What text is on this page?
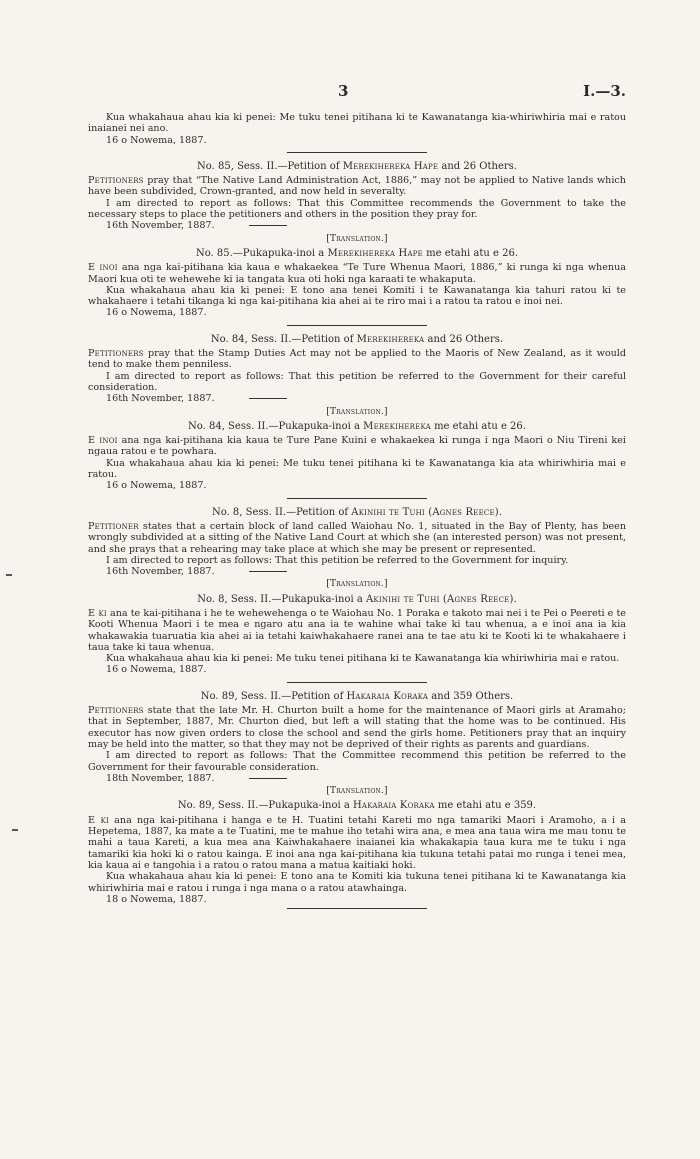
3	I.—3.

Kua whakahaua ahau kia ki penei: Me tuku tenei pitihana ki te Kawanatanga kia-whiriwhiria mai e ratou inaianei nei ano.

16 o Nowema, 1887.

No. 85, Sess. II.—Petition of Merekihereka Hape and 26 Others.

Petitioners pray that “The Native Land Administration Act, 1886,” may not be applied to Native lands which have been subdivided, Crown-granted, and now held in severalty.

I am directed to report as follows: That this Committee recommends the Government to take the necessary steps to place the petitioners and others in the position they pray for.

16th November, 1887.

[Translation.]

No. 85.—Pukapuka-inoi a Merekihereka Hape me etahi atu e 26.

E inoi ana nga kai-pitihana kia kaua e whakaekea “Te Ture Whenua Maori, 1886,” ki runga ki nga whenua Maori kua oti te wehewehe ki ia tangata kua oti hoki nga karaati te whakaputa.

Kua whakahaua ahau kia ki penei: E tono ana tenei Komiti i te Kawanatanga kia tahuri ratou ki te whakahaere i tetahi tikanga ki nga kai-pitihana kia ahei ai te riro mai i a ratou ta ratou e inoi nei.

16 o Nowema, 1887.

No. 84, Sess. II.—Petition of Merekihereka and 26 Others.

Petitioners pray that the Stamp Duties Act may not be applied to the Maoris of New Zealand, as it would tend to make them penniless.

I am directed to report as follows: That this petition be referred to the Government for their careful consideration.

16th November, 1887.

[Translation.]

No. 84, Sess. II.—Pukapuka-inoi a Merekihereka me etahi atu e 26.

E inoi ana nga kai-pitihana kia kaua te Ture Pane Kuini e whakaekea ki runga i nga Maori o Niu Tireni kei ngaua ratou e te powhara.

Kua whakahaua ahau kia ki penei: Me tuku tenei pitihana ki te Kawanatanga kia ata whiriwhiria mai e ratou.

16 o Nowema, 1887.

No. 8, Sess. II.—Petition of Akinihi te Tuhi (Agnes Reece).

Petitioner states that a certain block of land called Waiohau No. 1, situated in the Bay of Plenty, has been wrongly subdivided at a sitting of the Native Land Court at which she (an interested person) was not present, and she prays that a rehearing may take place at which she may be present or represented.

I am directed to report as follows: That this petition be referred to the Government for inquiry.

16th November, 1887.

[Translation.]

No. 8, Sess. II.—Pukapuka-inoi a Akinihi te Tuhi (Agnes Reece).

E ki ana te kai-pitihana i he te wehewehenga o te Waiohau No. 1 Poraka e takoto mai nei i te Pei o Peereti e te Kooti Whenua Maori i te mea e ngaro atu ana ia te wahine whai take ki tau whenua, a e inoi ana ia kia whakawakia tuaruatia kia ahei ai ia tetahi kaiwhakahaere ranei ana te tae atu ki te Kooti ki te whakahaere i taua take ki taua whenua.

Kua whakahaua ahau kia ki penei: Me tuku tenei pitihana ki te Kawanatanga kia whiriwhiria mai e ratou.

16 o Nowema, 1887.

No. 89, Sess. II.—Petition of Hakaraia Koraka and 359 Others.

Petitioners state that the late Mr. H. Churton built a home for the maintenance of Maori girls at Aramaho; that in September, 1887, Mr. Churton died, but left a will stating that the home was to be continued. His executor has now given orders to close the school and send the girls home. Petitioners pray that an inquiry may be held into the matter, so that they may not be deprived of their rights as parents and guardians.

I am directed to report as follows: That the Committee recommend this petition be referred to the Government for their favourable consideration.

18th November, 1887.

[Translation.]

No. 89, Sess. II.—Pukapuka-inoi a Hakaraia Koraka me etahi atu e 359.

E ki ana nga kai-pitihana i hanga e te H. Tuatini tetahi Kareti mo nga tamariki Maori i Aramoho, a i a Hepetema, 1887, ka mate a te Tuatini, me te mahue iho tetahi wira ana, e mea ana taua wira me mau tonu te mahi a taua Kareti, a kua mea ana Kaiwhakahaere inaianei kia whakakapia taua kura me te tuku i nga tamariki kia hoki ki o ratou kainga. E inoi ana nga kai-pitihana kia tukuna tetahi patai mo runga i tenei mea, kia kaua ai e tangohia i a ratou o ratou mana a matua kaitiaki hoki.

Kua whakahaua ahau kia ki penei: E tono ana te Komiti kia tukuna tenei pitihana ki te Kawanatanga kia whiriwhiria mai e ratou i runga i nga mana o a ratou atawhainga.

18 o Nowema, 1887.
